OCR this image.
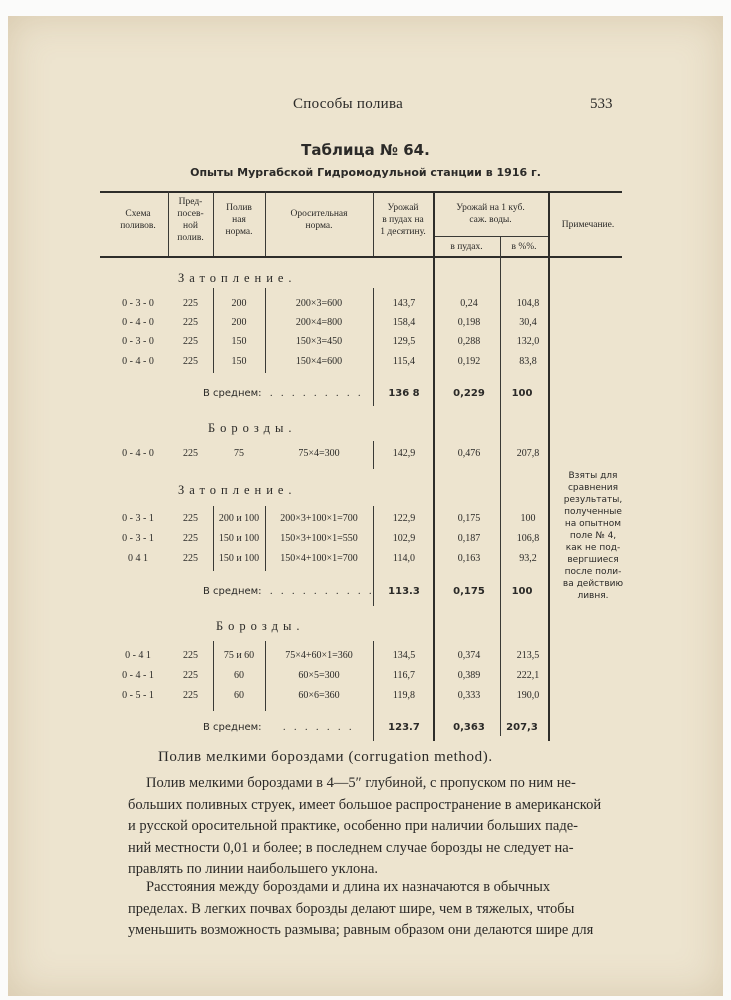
Способы полива	533
Таблица № 64.
Опыты Мургабской Гидромодульной станции в 1916 г.
Схема
поливов.
Пред-
посев-
ной
полив.
Полив
ная
норма.
Оросительная
норма.
Урожай
в пудах на
1 десятину.
Урожай на 1 куб.
саж. воды.
в пудах.	в %%.
Примечание.
Затопление.
Борозды.
Затопление.
Борозды.
0 - 3 - 0	225	200	200×3=600	143,7	0,24	104,8
0 - 4 - 0	225	200	200×4=800	158,4	0,198	30,4
0 - 3 - 0	225	150	150×3=450	129,5	0,288	132,0
0 - 4 - 0	225	150	150×4=600	115,4	0,192	83,8
В среднем: . . . . . . . . .	136 8	0,229	100
0 - 4 - 0	225	75	75×4=300	142,9	0,476	207,8
0 - 3 - 1	225	200 и 100	200×3+100×1=700	122,9	0,175	100
0 - 3 - 1	225	150 и 100	150×3+100×1=550	102,9	0,187	106,8
0 4 1	225	150 и 100	150×4+100×1=700	114,0	0,163	93,2
В среднем: . . . . . . . . . .	113.3	0,175	100
0 - 4 1	225	75 и 60	75×4+60×1=360	134,5	0,374	213,5
0 - 4 - 1	225	60	60×5=300	116,7	0,389	222,1
0 - 5 - 1	225	60	60×6=360	119,8	0,333	190,0
В среднем: . . . . . . .	123.7	0,363	207,3
Взяты для
сравнения
результаты,
полученные
на опытном
поле № 4,
как не под-
вергшиеся
после поли-
ва действию
ливня.
Полив мелкими бороздами (corrugation method).
Полив мелкими бороздами в 4—5″ глубиной, с пропуском по ним не-
больших поливных струек, имеет большое распространение в американской
и русской оросительной практике, особенно при наличии больших паде-
ний местности 0,01 и более; в последнем случае борозды не следует на-
правлять по линии наибольшего уклона.
Расстояния между бороздами и длина их назначаются в обычных
пределах. В легких почвах борозды делают шире, чем в тяжелых, чтобы
уменьшить возможность размыва; равным образом они делаются шире для
